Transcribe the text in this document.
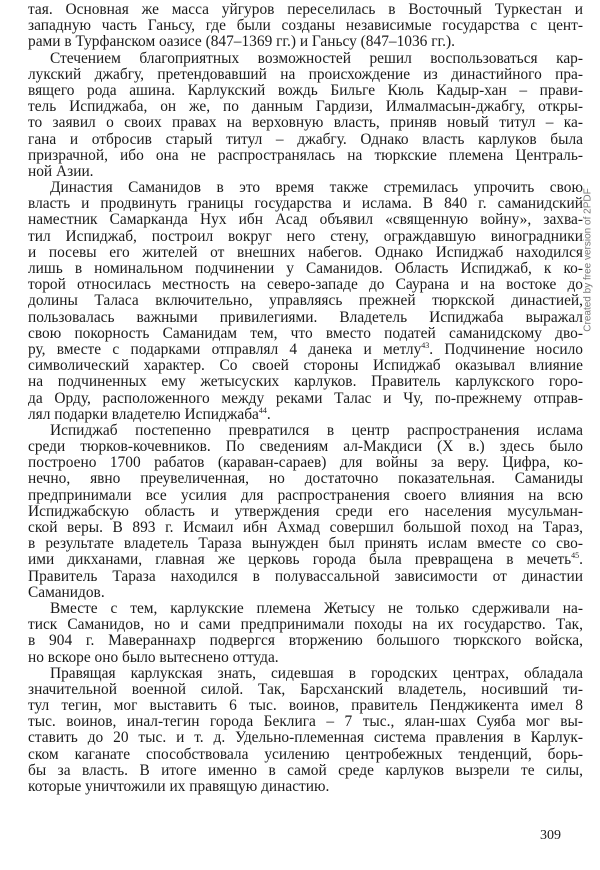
тая. Основная же масса уйгуров переселилась в Восточный Туркестан и
западную часть Ганьсу, где были созданы независимые государства с цент-
рами в Турфанском оазисе (847–1369 гг.) и Ганьсу (847–1036 гг.).
Стечением благоприятных возможностей решил воспользоваться кар-
лукский джабгу, претендовавший на происхождение из династийного пра-
вящего рода ашина. Карлукский вождь Бильге Кюль Кадыр-хан – прави-
тель Испиджаба, он же, по данным Гардизи, Илмалмасын-джабгу, откры-
то заявил о своих правах на верховную власть, приняв новый титул – ка-
гана и отбросив старый титул – джабгу. Однако власть карлуков была
призрачной, ибо она не распространялась на тюркские племена Централь-
ной Азии.
Династия Саманидов в это время также стремилась упрочить свою
власть и продвинуть границы государства и ислама. В 840 г. саманидский
наместник Самарканда Нух ибн Асад объявил «священную войну», захва-
тил Испиджаб, построил вокруг него стену, ограждавшую виноградники
и посевы его жителей от внешних набегов. Однако Испиджаб находился
лишь в номинальном подчинении у Саманидов. Область Испиджаб, к ко-
торой относилась местность на северо-западе до Саурана и на востоке до
долины Таласа включительно, управляясь прежней тюркской династией,
пользовалась важными привилегиями. Владетель Испиджаба выражал
свою покорность Саманидам тем, что вместо податей саманидскому дво-
ру, вместе с подарками отправлял 4 данека и метлу$^{43}$. Подчинение носило
символический характер. Со своей стороны Испиджаб оказывал влияние
на подчиненных ему жетысуских карлуков. Правитель карлукского горо-
да Орду, расположенного между реками Талас и Чу, по-прежнему отправ-
лял подарки владетелю Испиджаба$^{44}$.
Испиджаб постепенно превратился в центр распространения ислама
среди тюрков-кочевников. По сведениям ал-Макдиси (X в.) здесь было
построено 1700 рабатов (караван-сараев) для войны за веру. Цифра, ко-
нечно, явно преувеличенная, но достаточно показательная. Саманиды
предпринимали все усилия для распространения своего влияния на всю
Испиджабскую область и утверждения среди его населения мусульман-
ской веры. В 893 г. Исмаил ибн Ахмад совершил большой поход на Тараз,
в результате владетель Тараза вынужден был принять ислам вместе со сво-
ими дикханами, главная же церковь города была превращена в мечеть$^{45}$.
Правитель Тараза находился в полувассальной зависимости от династии
Саманидов.
Вместе с тем, карлукские племена Жетысу не только сдерживали на-
тиск Саманидов, но и сами предпринимали походы на их государство. Так,
в 904 г. Мавераннахр подвергся вторжению большого тюркского войска,
но вскоре оно было вытеснено оттуда.
Правящая карлукская знать, сидевшая в городских центрах, обладала
значительной военной силой. Так, Барсханский владетель, носивший ти-
тул тегин, мог выставить 6 тыс. воинов, правитель Пенджикента имел 8
тыс. воинов, инал-тегин города Беклига – 7 тыс., ялан-шах Суяба мог вы-
ставить до 20 тыс. и т. д. Удельно-племенная система правления в Карлук-
ском каганате способствовала усилению центробежных тенденций, борь-
бы за власть. В итоге именно в самой среде карлуков вызрели те силы,
которые уничтожили их правящую династию.
309
Created by free version of 2PDF
